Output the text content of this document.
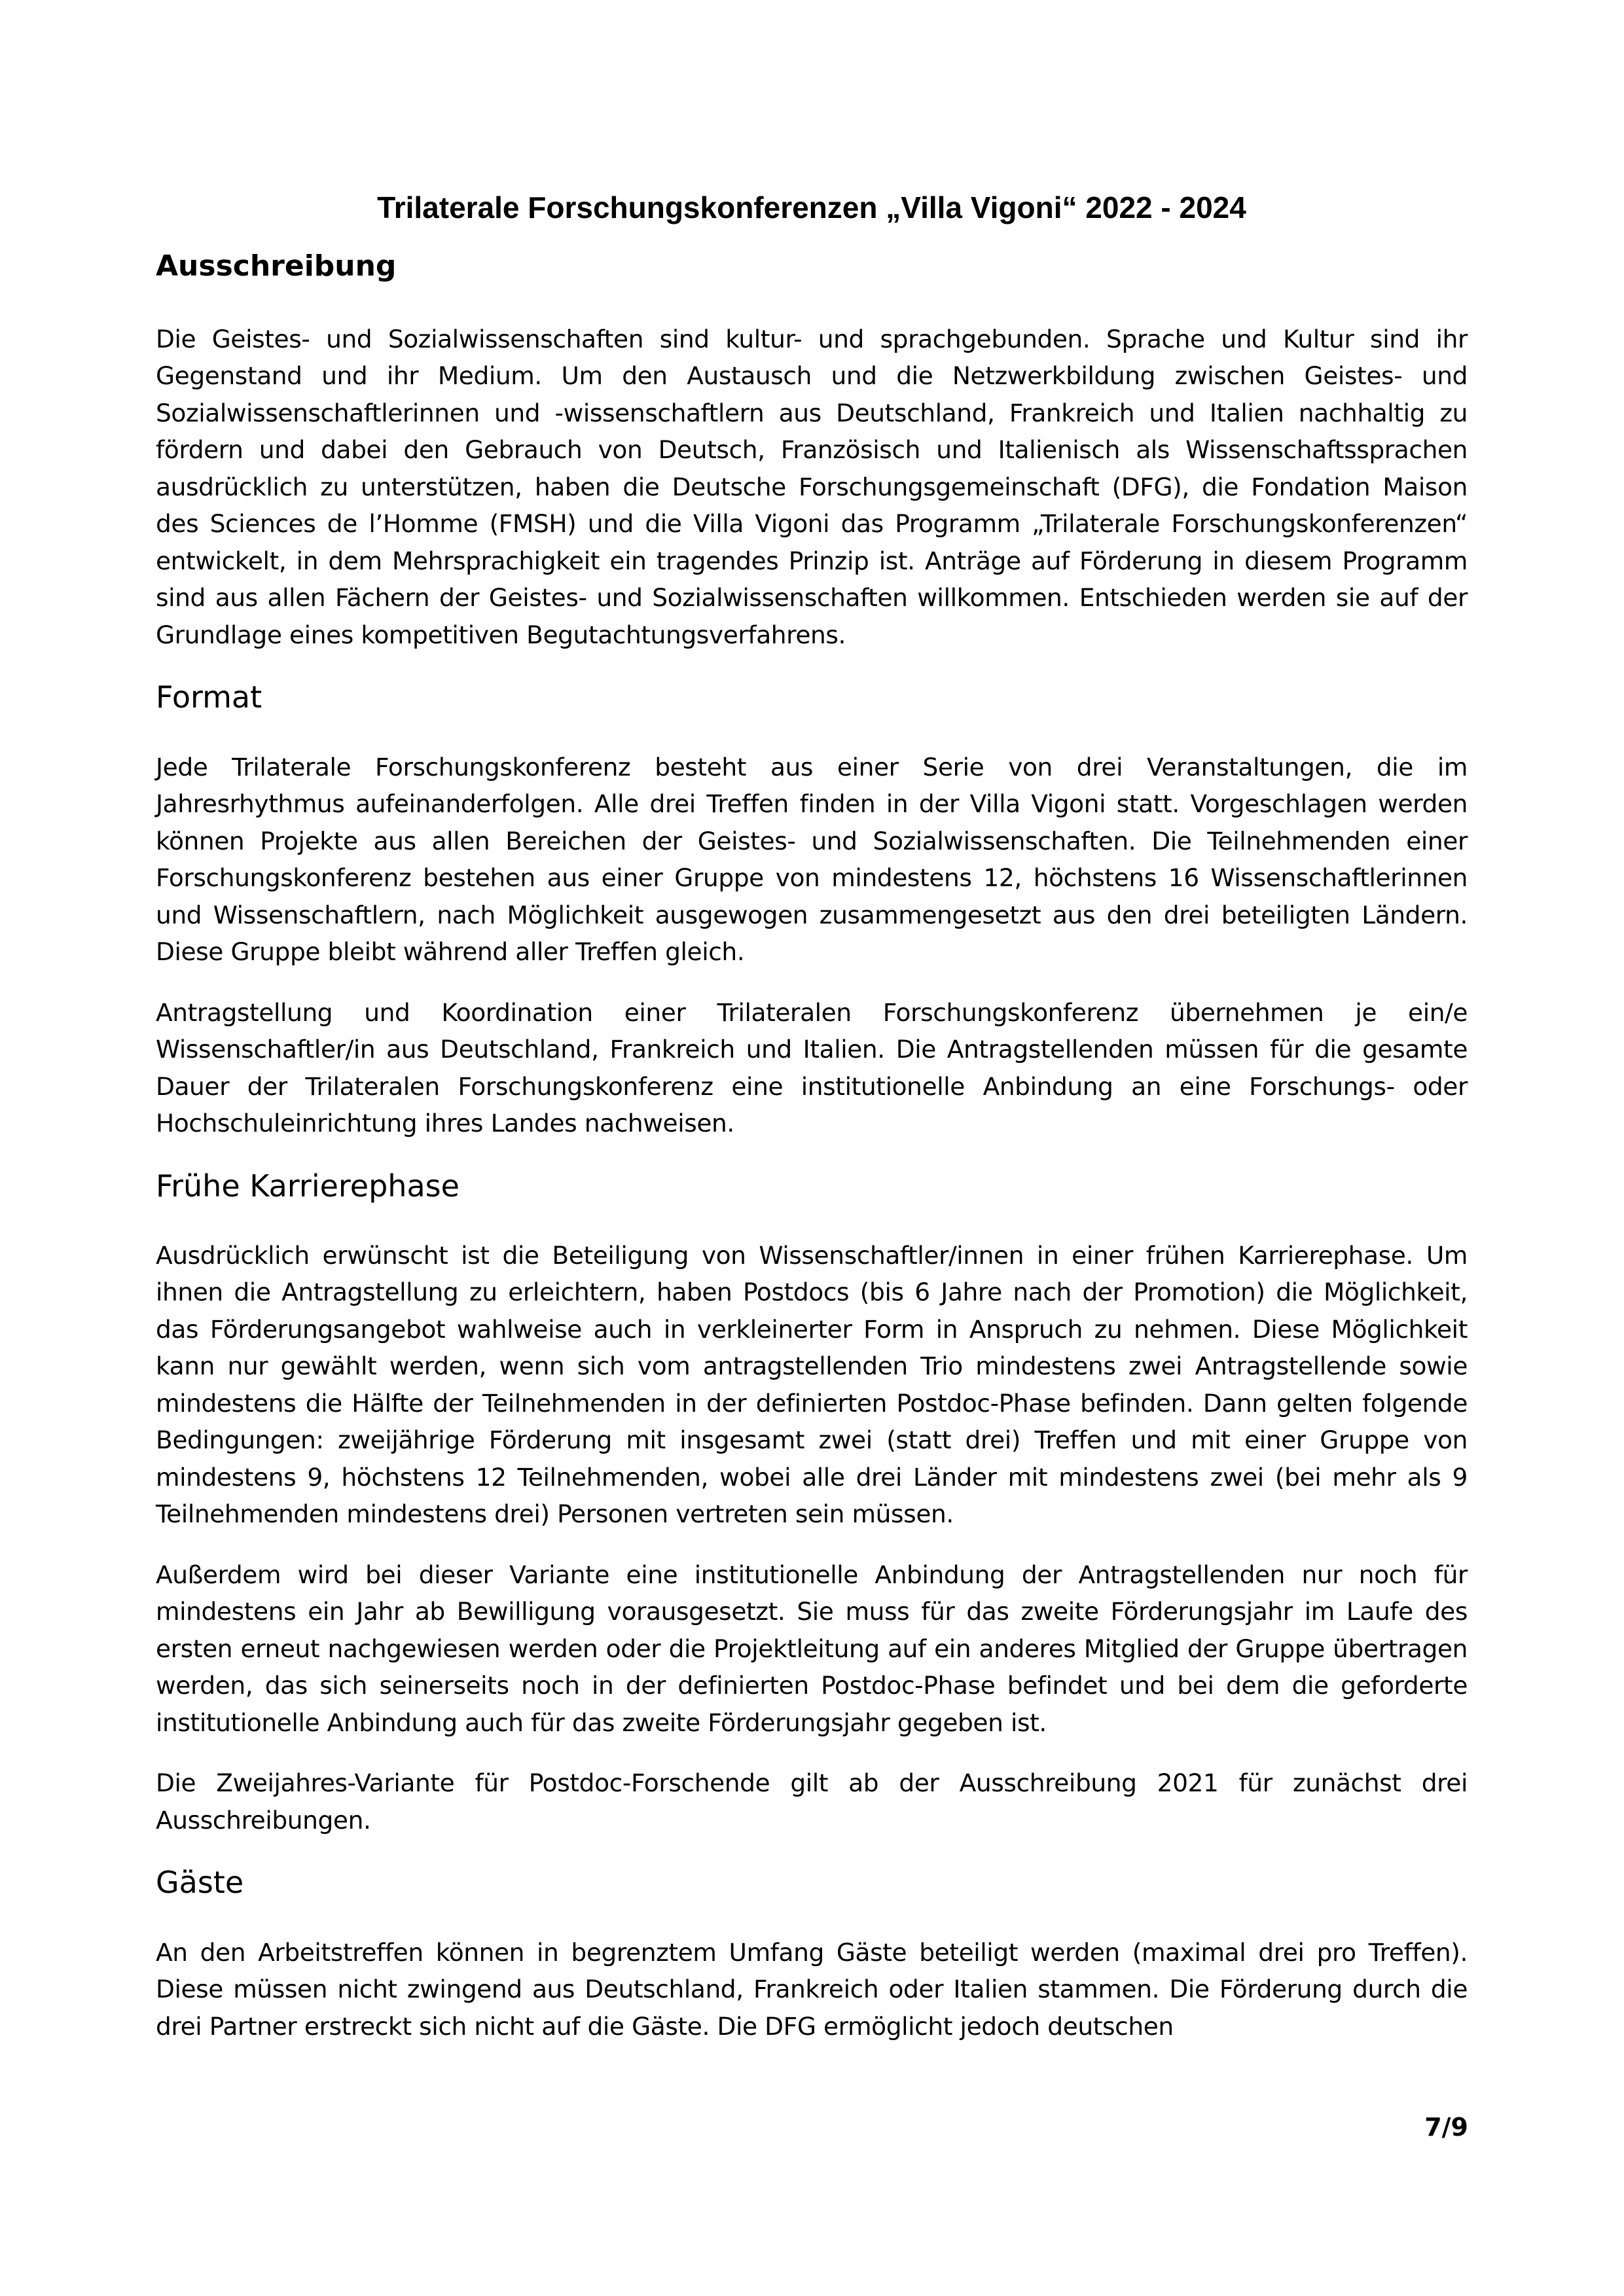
Trilaterale Forschungskonferenzen „Villa Vigoni“ 2022 - 2024
Ausschreibung

Die Geistes- und Sozialwissenschaften sind kultur- und sprachgebunden. Sprache und Kultur sind ihr Gegenstand und ihr Medium. Um den Austausch und die Netzwerkbildung zwischen Geistes- und Sozialwissenschaftlerinnen und -wissenschaftlern aus Deutschland, Frankreich und Italien nachhaltig zu fördern und dabei den Gebrauch von Deutsch, Französisch und Italienisch als Wissenschaftssprachen ausdrücklich zu unterstützen, haben die Deutsche Forschungsgemeinschaft (DFG), die Fondation Maison des Sciences de l’Homme (FMSH) und die Villa Vigoni das Programm „Trilaterale Forschungskonferenzen“ entwickelt, in dem Mehrsprachigkeit ein tragendes Prinzip ist. Anträge auf Förderung in diesem Programm sind aus allen Fächern der Geistes- und Sozialwissenschaften willkommen. Entschieden werden sie auf der Grundlage eines kompetitiven Begutachtungsverfahrens.

Format

Jede Trilaterale Forschungskonferenz besteht aus einer Serie von drei Veranstaltungen, die im Jahresrhythmus aufeinanderfolgen. Alle drei Treffen finden in der Villa Vigoni statt. Vorgeschlagen werden können Projekte aus allen Bereichen der Geistes- und Sozialwissenschaften. Die Teilnehmenden einer Forschungskonferenz bestehen aus einer Gruppe von mindestens 12, höchstens 16 Wissenschaftlerinnen und Wissenschaftlern, nach Möglichkeit ausgewogen zusammengesetzt aus den drei beteiligten Ländern. Diese Gruppe bleibt während aller Treffen gleich.

Antragstellung und Koordination einer Trilateralen Forschungskonferenz übernehmen je ein/e Wissenschaftler/in aus Deutschland, Frankreich und Italien. Die Antragstellenden müssen für die gesamte Dauer der Trilateralen Forschungskonferenz eine institutionelle Anbindung an eine Forschungs- oder Hochschuleinrichtung ihres Landes nachweisen.

Frühe Karrierephase

Ausdrücklich erwünscht ist die Beteiligung von Wissenschaftler/innen in einer frühen Karrierephase. Um ihnen die Antragstellung zu erleichtern, haben Postdocs (bis 6 Jahre nach der Promotion) die Möglichkeit, das Förderungsangebot wahlweise auch in verkleinerter Form in Anspruch zu nehmen. Diese Möglichkeit kann nur gewählt werden, wenn sich vom antragstellenden Trio mindestens zwei Antragstellende sowie mindestens die Hälfte der Teilnehmenden in der definierten Postdoc-Phase befinden. Dann gelten folgende Bedingungen: zweijährige Förderung mit insgesamt zwei (statt drei) Treffen und mit einer Gruppe von mindestens 9, höchstens 12 Teilnehmenden, wobei alle drei Länder mit mindestens zwei (bei mehr als 9 Teilnehmenden mindestens drei) Personen vertreten sein müssen.

Außerdem wird bei dieser Variante eine institutionelle Anbindung der Antragstellenden nur noch für mindestens ein Jahr ab Bewilligung vorausgesetzt. Sie muss für das zweite Förderungsjahr im Laufe des ersten erneut nachgewiesen werden oder die Projektleitung auf ein anderes Mitglied der Gruppe übertragen werden, das sich seinerseits noch in der definierten Postdoc-Phase befindet und bei dem die geforderte institutionelle Anbindung auch für das zweite Förderungsjahr gegeben ist.

Die Zweijahres-Variante für Postdoc-Forschende gilt ab der Ausschreibung 2021 für zunächst drei Ausschreibungen.

Gäste

An den Arbeitstreffen können in begrenztem Umfang Gäste beteiligt werden (maximal drei pro Treffen). Diese müssen nicht zwingend aus Deutschland, Frankreich oder Italien stammen. Die Förderung durch die drei Partner erstreckt sich nicht auf die Gäste. Die DFG ermöglicht jedoch deutschen

7/9
